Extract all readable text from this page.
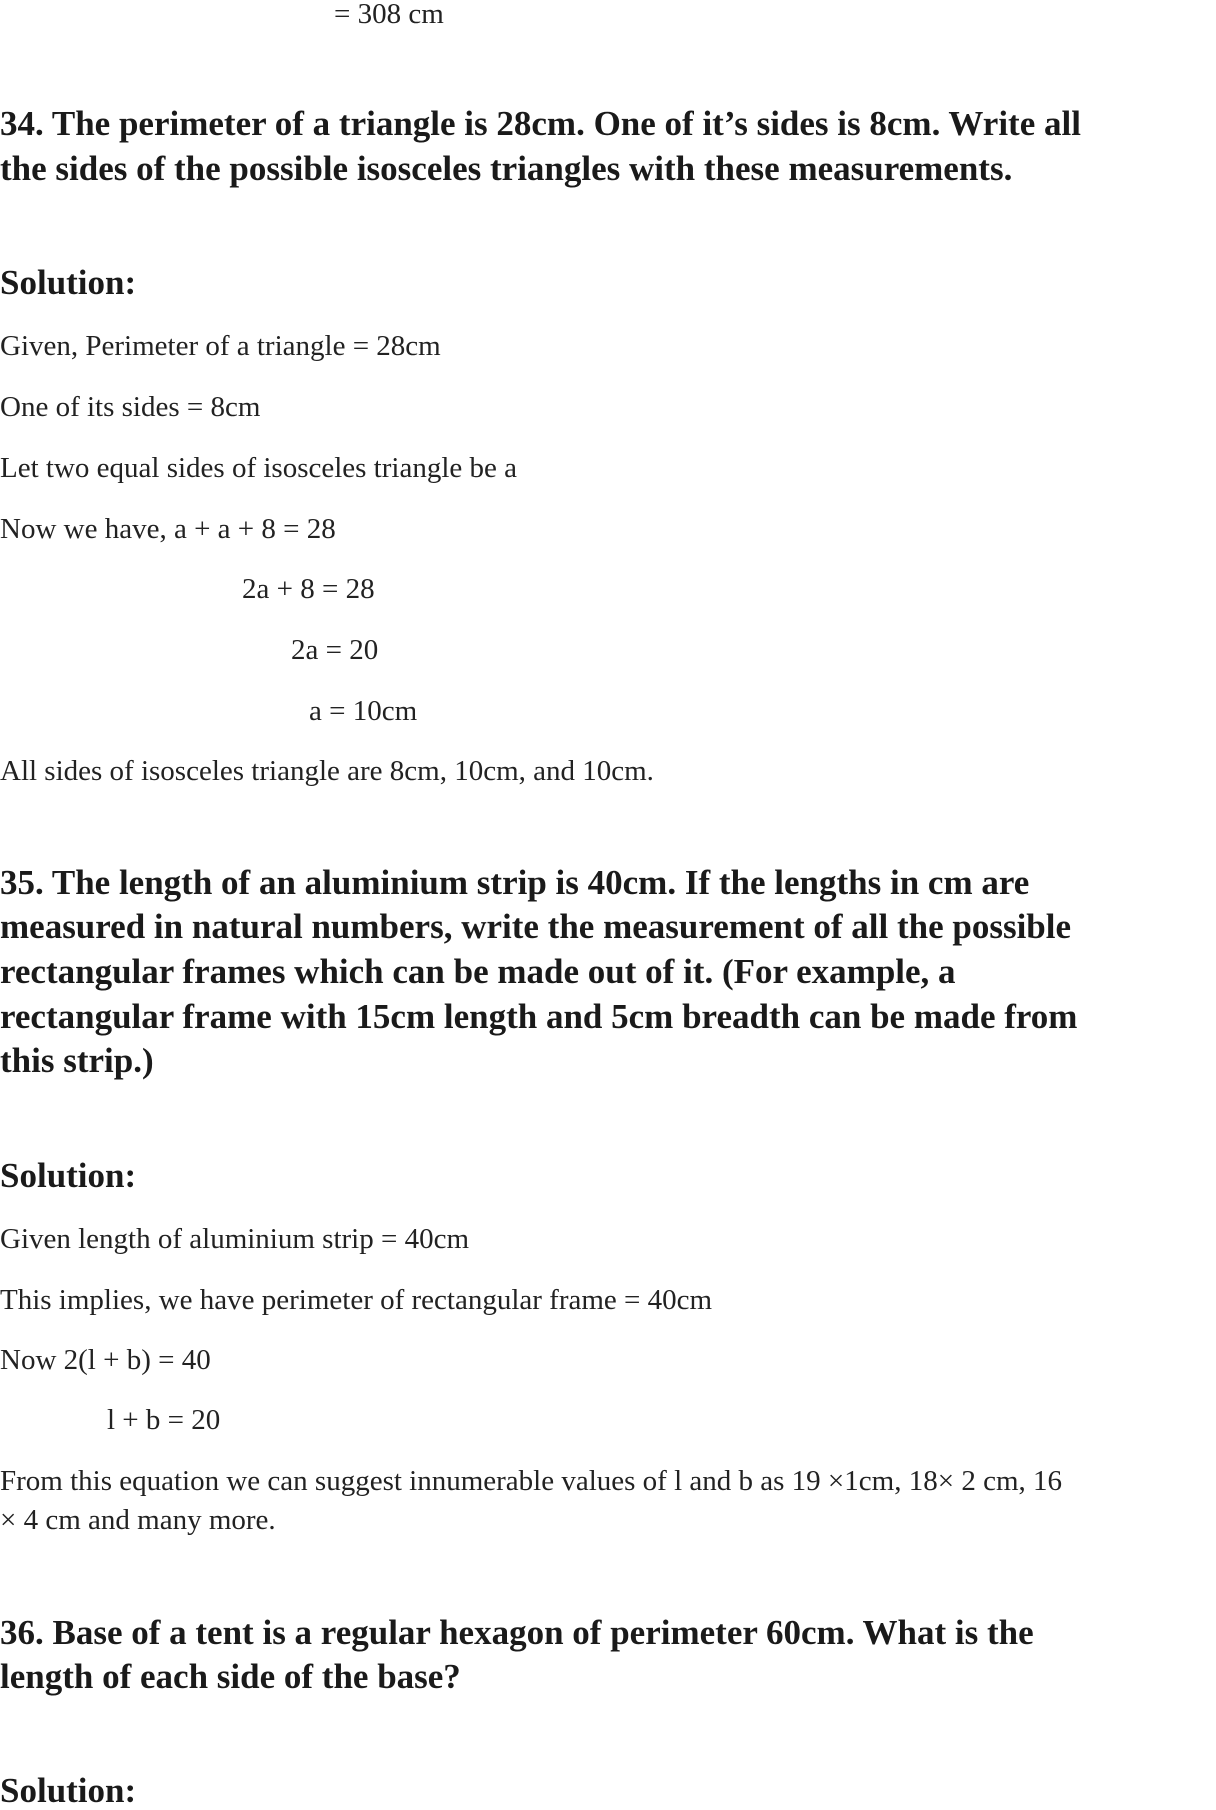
= 308 cm
34. The perimeter of a triangle is 28cm. One of it’s sides is 8cm. Write all
the sides of the possible isosceles triangles with these measurements.
Solution:
Given, Perimeter of a triangle = 28cm
One of its sides = 8cm
Let two equal sides of isosceles triangle be a
Now we have, a + a + 8 = 28
2a + 8 = 28
2a = 20
a = 10cm
All sides of isosceles triangle are 8cm, 10cm, and 10cm.
35. The length of an aluminium strip is 40cm. If the lengths in cm are
measured in natural numbers, write the measurement of all the possible
rectangular frames which can be made out of it. (For example, a
rectangular frame with 15cm length and 5cm breadth can be made from
this strip.)
Solution:
Given length of aluminium strip = 40cm
This implies, we have perimeter of rectangular frame = 40cm
Now 2(l + b) = 40
l + b = 20
From this equation we can suggest innumerable values of l and b as 19 ×1cm, 18× 2 cm, 16
× 4 cm and many more.
36. Base of a tent is a regular hexagon of perimeter 60cm. What is the
length of each side of the base?
Solution:
